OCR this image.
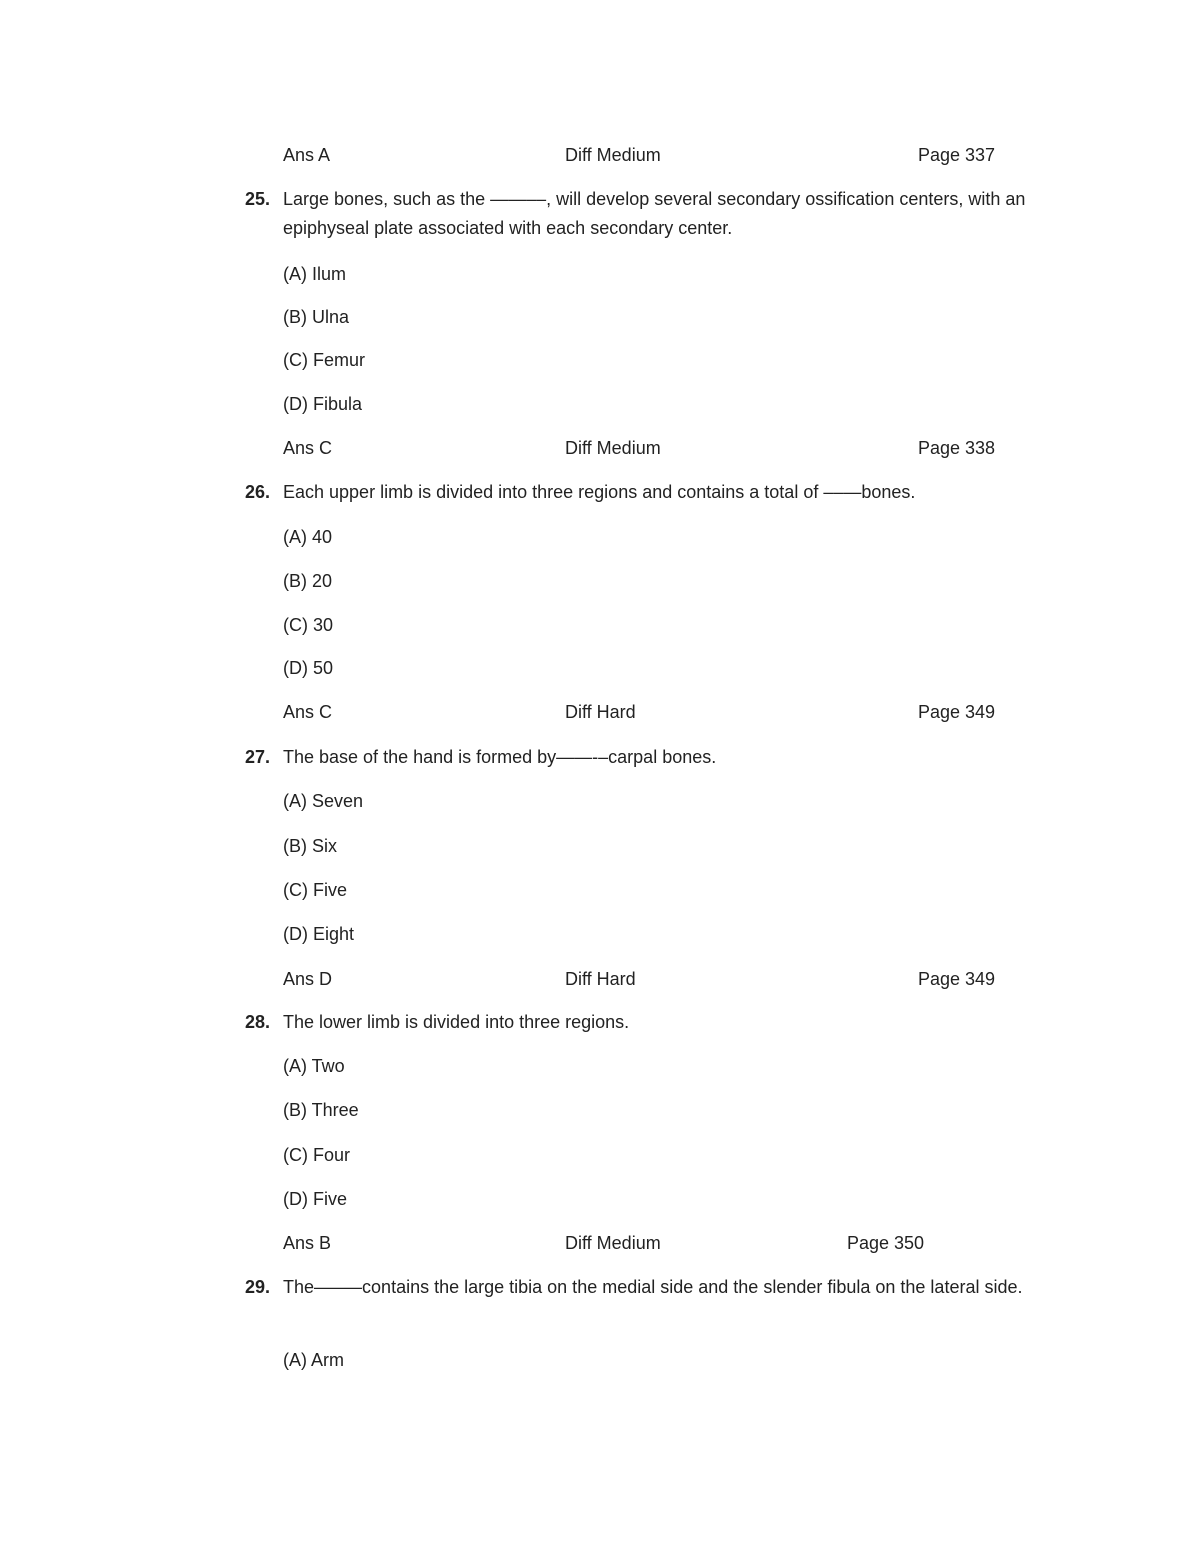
Ans A	Diff Medium	Page 337
25. Large bones, such as the ——––, will develop several secondary ossification centers, with an epiphyseal plate associated with each secondary center.
(A) Ilum
(B) Ulna
(C) Femur
(D) Fibula
Ans C	Diff Medium	Page 338
26. Each upper limb is divided into three regions and contains a total of ––—bones.
(A) 40
(B) 20
(C) 30
(D) 50
Ans C	Diff Hard	Page 349
27. The base of the hand is formed by——-–carpal bones.
(A) Seven
(B) Six
(C) Five
(D) Eight
Ans D	Diff Hard	Page 349
28. The lower limb is divided into three regions.
(A) Two
(B) Three
(C) Four
(D) Five
Ans B	Diff Medium	Page 350
29. The–––—contains the large tibia on the medial side and the slender fibula on the lateral side.
(A) Arm
